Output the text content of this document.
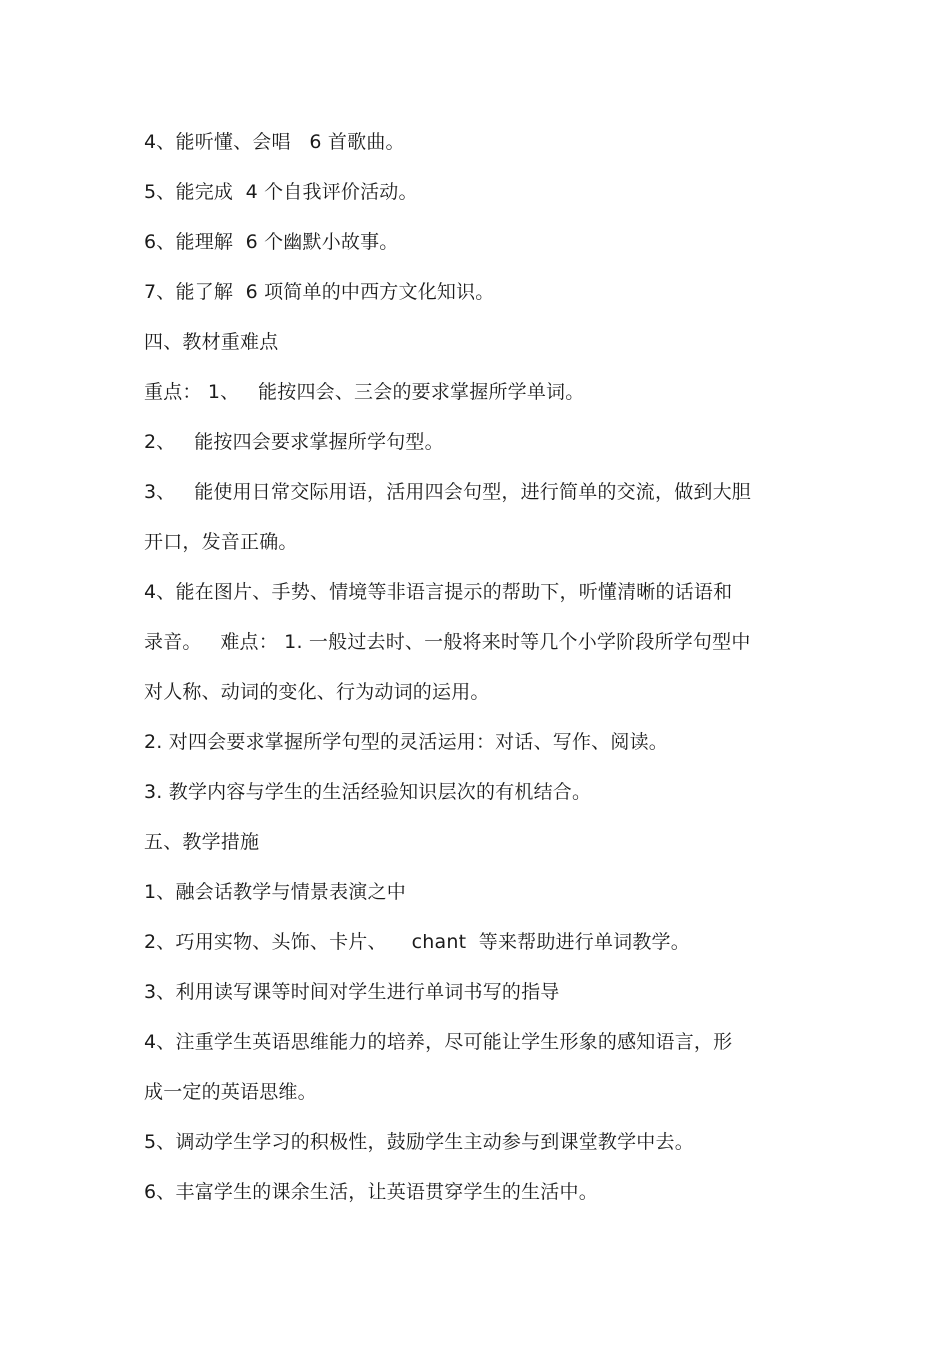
4、能听懂、会唱   6 首歌曲。
5、能完成  4 个自我评价活动。
6、能理解  6 个幽默小故事。
7、能了解  6 项简单的中西方文化知识。
四、教材重难点
重点： 1、   能按四会、三会的要求掌握所学单词。
2、   能按四会要求掌握所学句型。
3、   能使用日常交际用语，活用四会句型，进行简单的交流，做到大胆
开口，发音正确。
4、能在图片、手势、情境等非语言提示的帮助下，听懂清晰的话语和
录音。   难点： 1. 一般过去时、一般将来时等几个小学阶段所学句型中
对人称、动词的变化、行为动词的运用。
2. 对四会要求掌握所学句型的灵活运用：对话、写作、阅读。
3. 教学内容与学生的生活经验知识层次的有机结合。
五、教学措施
1、融会话教学与情景表演之中
2、巧用实物、头饰、卡片、    chant  等来帮助进行单词教学。
3、利用读写课等时间对学生进行单词书写的指导
4、注重学生英语思维能力的培养，尽可能让学生形象的感知语言，形
成一定的英语思维。
5、调动学生学习的积极性，鼓励学生主动参与到课堂教学中去。
6、丰富学生的课余生活，让英语贯穿学生的生活中。
